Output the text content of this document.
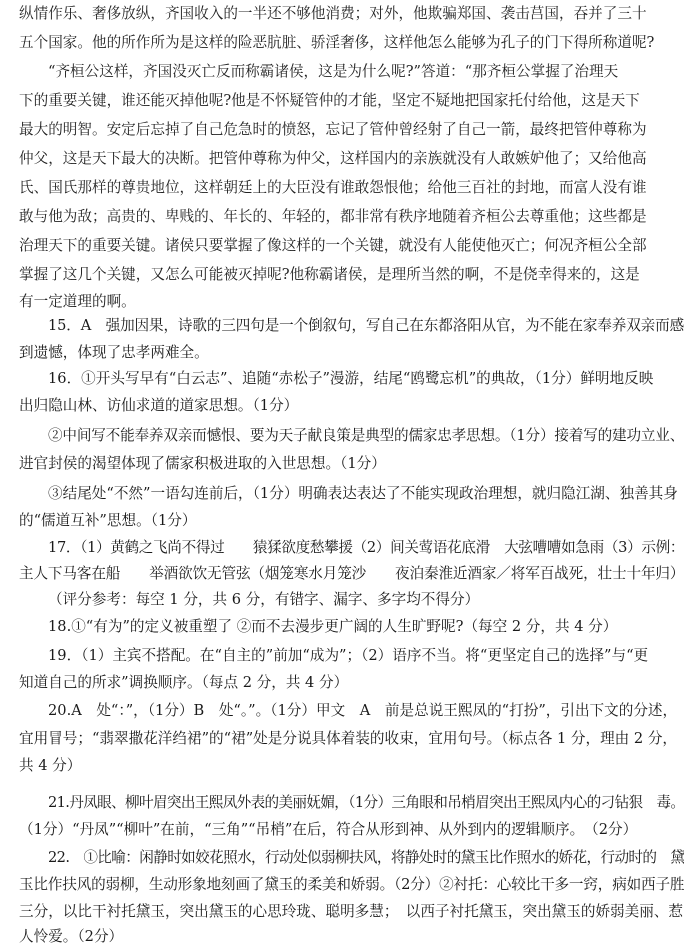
纵情作乐、奢侈放纵，齐国收入的一半还不够他消费；对外，他欺骗郑国、袭击莒国，吞并了三十
五个国家。他的所作所为是这样的险恶肮脏、骄淫奢侈，这样他怎么能够为孔子的门下得所称道呢?
“齐桓公这样，齐国没灭亡反而称霸诸侯，这是为什么呢?”答道：“那齐桓公掌握了治理天
下的重要关键，谁还能灭掉他呢?他是不怀疑管仲的才能，坚定不疑地把国家托付给他，这是天下
最大的明智。安定后忘掉了自己危急时的愤怒，忘记了管仲曾经射了自己一箭，最终把管仲尊称为
仲父，这是天下最大的决断。把管仲尊称为仲父，这样国内的亲族就没有人敢嫉妒他了；又给他高
氏、国氏那样的尊贵地位，这样朝廷上的大臣没有谁敢怨恨他；给他三百社的封地，而富人没有谁
敢与他为敌；高贵的、卑贱的、年长的、年轻的，都非常有秩序地随着齐桓公去尊重他；这些都是
治理天下的重要关键。诸侯只要掌握了像这样的一个关键，就没有人能使他灭亡；何况齐桓公全部
掌握了这几个关键，又怎么可能被灭掉呢?他称霸诸侯，是理所当然的啊，不是侥幸得来的，这是
有一定道理的啊。
15．A　强加因果，诗歌的三四句是一个倒叙句，写自己在东都洛阳从官，为不能在家奉养双亲而感
到遗憾，体现了忠孝两难全。
16．①开头写早有“白云志”、追随“赤松子”漫游，结尾“鸥鹭忘机”的典故，（1分）鲜明地反映
出归隐山林、访仙求道的道家思想。（1分）
②中间写不能奉养双亲而憾恨、要为天子献良策是典型的儒家忠孝思想。（1分）接着写的建功立业、
进官封侯的渴望体现了儒家积极进取的入世思想。（1分）
③结尾处“不然”一语勾连前后，（1分）明确表达表达了不能实现政治理想，就归隐江湖、独善其身
的“儒道互补”思想。（1分）
17．（1）黄鹤之飞尚不得过　　猿猱欲度愁攀援（2）间关莺语花底滑　大弦嘈嘈如急雨（3）示例：
主人下马客在船　　举酒欲饮无管弦（烟笼寒水月笼沙　　夜泊秦淮近酒家／将军百战死，壮士十年归）
（评分参考：每空 1 分，共 6 分，有错字、漏字、多字均不得分）
18.①“有为”的定义被重塑了 ②而不去漫步更广阔的人生旷野呢?（每空 2 分，共 4 分）
19．（1）主宾不搭配。在“自主的”前加“成为”；（2）语序不当。将“更坚定自己的选择”与“更
知道自己的所求”调换顺序。（每点 2 分，共 4 分）
20.A　处“：”，（1分）B　处“。”。（1分）甲文　A　前是总说王熙凤的“打扮”，引出下文的分述，
宜用冒号；“翡翠撒花洋绉裙”的“裙”处是分说具体着装的收束，宜用句号。（标点各 1 分，理由 2 分，
共 4 分）
21.丹凤眼、柳叶眉突出王熙凤外表的美丽妩媚，（1分）三角眼和吊梢眉突出王熙凤内心的刁钻狠　毒。
（1分）“丹凤”“柳叶”在前，“三角”“吊梢”在后，符合从形到神、从外到内的逻辑顺序。　（2分）
22.　①比喻：闲静时如姣花照水，行动处似弱柳扶风，将静处时的黛玉比作照水的娇花，行动时的　黛
玉比作扶风的弱柳，生动形象地刻画了黛玉的柔美和娇弱。（2分）②衬托：心较比干多一窍，病如西子胜
三分，以比干衬托黛玉，突出黛玉的心思玲珑、聪明多慧；　以西子衬托黛玉，突出黛玉的娇弱美丽、惹
人怜爱。（2分）
